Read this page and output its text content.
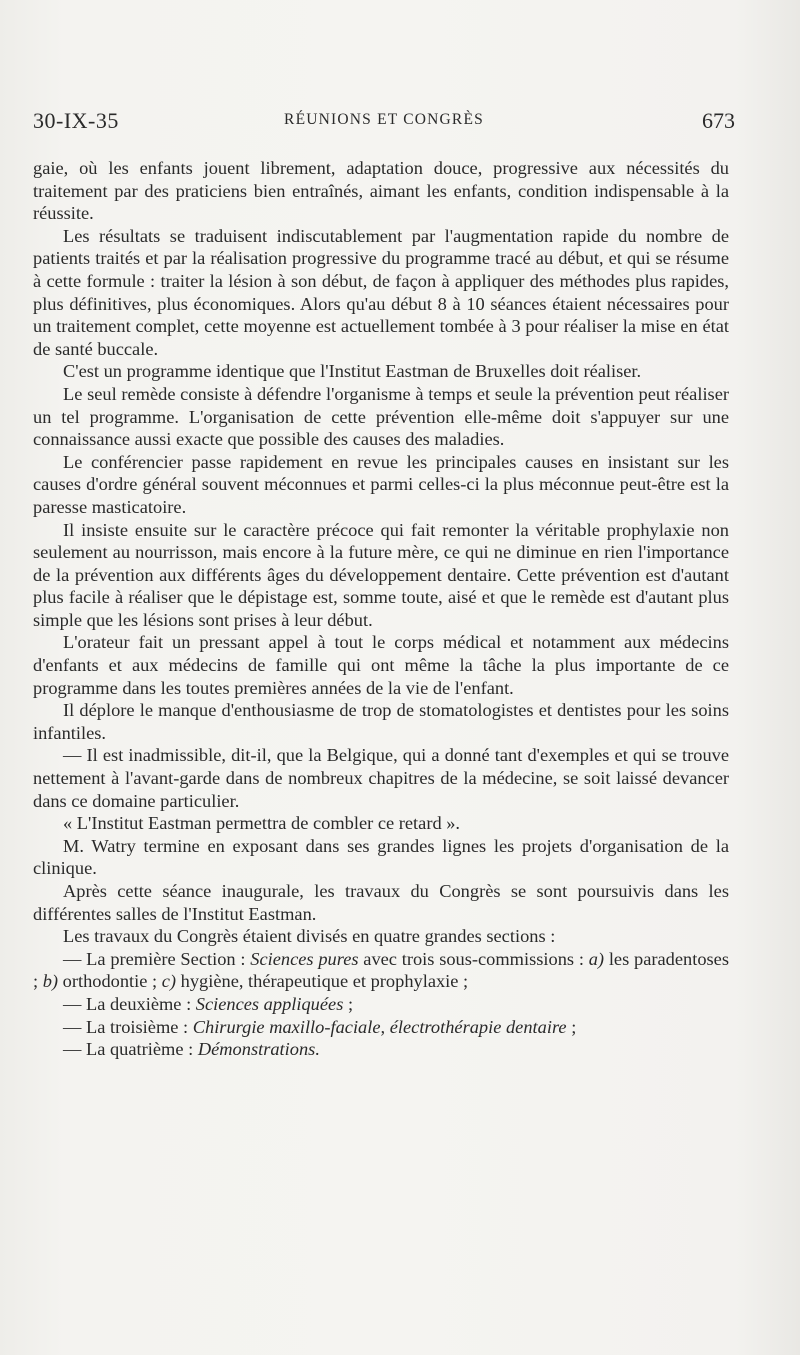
30-IX-35	RÉUNIONS ET CONGRÈS	673

gaie, où les enfants jouent librement, adaptation douce, progressive aux nécessités du traitement par des praticiens bien entraînés, aimant les enfants, condition indispensable à la réussite.

Les résultats se traduisent indiscutablement par l'augmentation rapide du nombre de patients traités et par la réalisation progressive du programme tracé au début, et qui se résume à cette formule : traiter la lésion à son début, de façon à appliquer des méthodes plus rapides, plus définitives, plus économiques. Alors qu'au début 8 à 10 séances étaient nécessaires pour un traitement complet, cette moyenne est actuellement tombée à 3 pour réaliser la mise en état de santé buccale.

C'est un programme identique que l'Institut Eastman de Bruxelles doit réaliser.

Le seul remède consiste à défendre l'organisme à temps et seule la prévention peut réaliser un tel programme. L'organisation de cette prévention elle-même doit s'appuyer sur une connaissance aussi exacte que possible des causes des maladies.

Le conférencier passe rapidement en revue les principales causes en insistant sur les causes d'ordre général souvent méconnues et parmi celles-ci la plus méconnue peut-être est la paresse masticatoire.

Il insiste ensuite sur le caractère précoce qui fait remonter la véritable prophylaxie non seulement au nourrisson, mais encore à la future mère, ce qui ne diminue en rien l'importance de la prévention aux différents âges du développement dentaire. Cette prévention est d'autant plus facile à réaliser que le dépistage est, somme toute, aisé et que le remède est d'autant plus simple que les lésions sont prises à leur début.

L'orateur fait un pressant appel à tout le corps médical et notamment aux médecins d'enfants et aux médecins de famille qui ont même la tâche la plus importante de ce programme dans les toutes premières années de la vie de l'enfant.

Il déplore le manque d'enthousiasme de trop de stomatologistes et dentistes pour les soins infantiles.

— Il est inadmissible, dit-il, que la Belgique, qui a donné tant d'exemples et qui se trouve nettement à l'avant-garde dans de nombreux chapitres de la médecine, se soit laissé devancer dans ce domaine particulier.

« L'Institut Eastman permettra de combler ce retard ».

M. Watry termine en exposant dans ses grandes lignes les projets d'organisation de la clinique.

Après cette séance inaugurale, les travaux du Congrès se sont poursuivis dans les différentes salles de l'Institut Eastman.

Les travaux du Congrès étaient divisés en quatre grandes sections :

— La première Section : Sciences pures avec trois sous-commissions : a) les paradentoses ; b) orthodontie ; c) hygiène, thérapeutique et prophylaxie ;

— La deuxième : Sciences appliquées ;

— La troisième : Chirurgie maxillo-faciale, électrothérapie dentaire ;

— La quatrième : Démonstrations.
